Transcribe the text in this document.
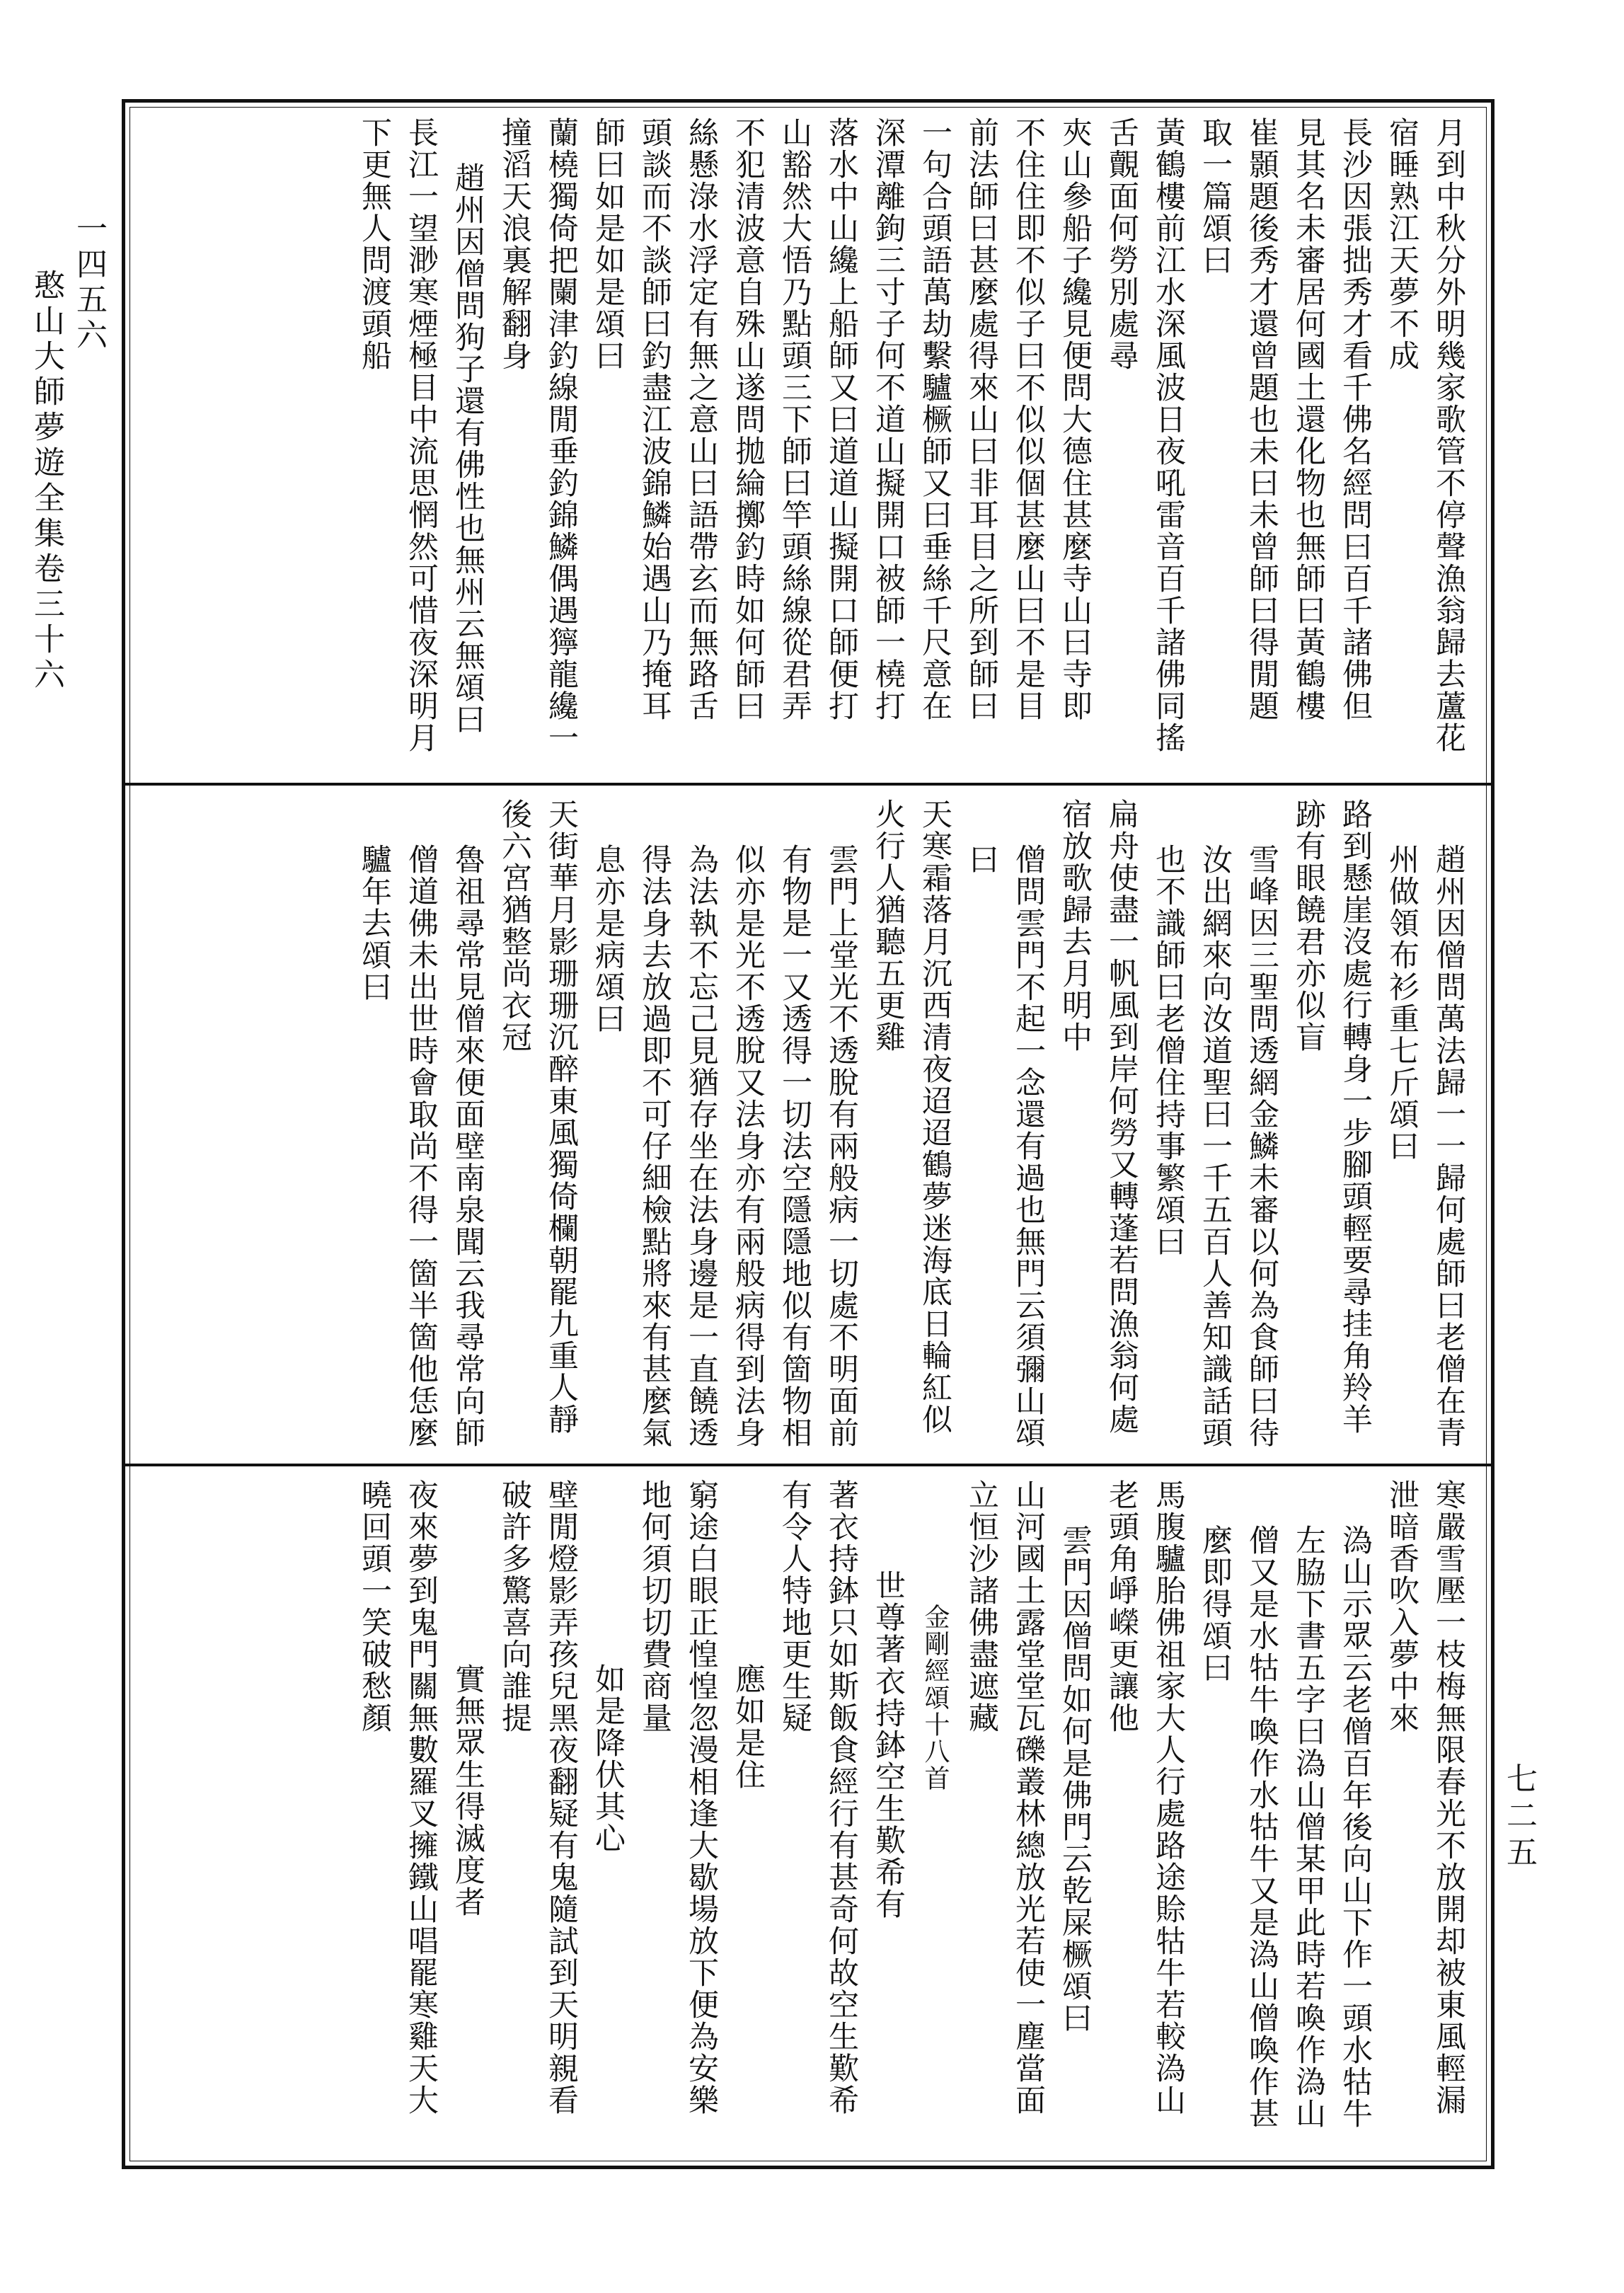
一四五六
憨山大師夢遊全集卷三十六
七二五

月到中秋分外明幾家歌管不停聲漁翁歸去蘆花

宿睡熟江天夢不成

長沙因張拙秀才看千佛名經問曰百千諸佛但

見其名未審居何國土還化物也無師曰黃鶴樓

崔顥題後秀才還曾題也未曰未曾師曰得閒題

取一篇頌曰

黃鶴樓前江水深風波日夜吼雷音百千諸佛同搖

舌覿面何勞別處尋

夾山參船子纔見便問大德住甚麼寺山曰寺即

不住住即不似子曰不似似個甚麼山曰不是目

前法師曰甚麼處得來山曰非耳目之所到師曰

一句合頭語萬劫繫驢橛師又曰垂絲千尺意在

深潭離鉤三寸子何不道山擬開口被師一橈打

落水中山纔上船師又曰道道山擬開口師便打

山豁然大悟乃點頭三下師曰竿頭絲線從君弄

不犯清波意自殊山遂問拋綸擲釣時如何師曰

絲懸淥水浮定有無之意山曰語帶玄而無路舌

頭談而不談師曰釣盡江波錦鱗始遇山乃掩耳

師曰如是如是頌曰

蘭橈獨倚把闌津釣線閒垂釣錦鱗偶遇獰龍纔一

撞滔天浪裏解翻身

趙州因僧問狗子還有佛性也無州云無頌曰

長江一望渺寒煙極目中流思惘然可惜夜深明月

下更無人問渡頭船

趙州因僧問萬法歸一一歸何處師曰老僧在青

州做領布衫重七斤頌曰

路到懸崖沒處行轉身一步腳頭輕要尋挂角羚羊

跡有眼饒君亦似盲

雪峰因三聖問透網金鱗未審以何為食師曰待

汝出網來向汝道聖曰一千五百人善知識話頭

也不識師曰老僧住持事繁頌曰

扁舟使盡一帆風到岸何勞又轉蓬若問漁翁何處

宿放歌歸去月明中

僧問雲門不起一念還有過也無門云須彌山頌

曰

天寒霜落月沉西清夜迢迢鶴夢迷海底日輪紅似

火行人猶聽五更雞

雲門上堂光不透脫有兩般病一切處不明面前

有物是一又透得一切法空隱隱地似有箇物相

似亦是光不透脫又法身亦有兩般病得到法身

為法執不忘己見猶存坐在法身邊是一直饒透

得法身去放過即不可仔細檢點將來有甚麼氣

息亦是病頌曰

天街華月影珊珊沉醉東風獨倚欄朝罷九重人靜

後六宮猶整尚衣冠

魯祖尋常見僧來便面壁南泉聞云我尋常向師

僧道佛未出世時會取尚不得一箇半箇他恁麼

驢年去頌曰

寒嚴雪壓一枝梅無限春光不放開却被東風輕漏

泄暗香吹入夢中來

溈山示眾云老僧百年後向山下作一頭水牯牛

左脇下書五字曰溈山僧某甲此時若喚作溈山

僧又是水牯牛喚作水牯牛又是溈山僧喚作甚

麼即得頌曰

馬腹驢胎佛祖家大人行處路途賒牯牛若較溈山

老頭角崢嶸更讓他

雲門因僧問如何是佛門云乾屎橛頌曰

山河國土露堂堂瓦礫叢林總放光若使一塵當面

立恒沙諸佛盡遮藏

金剛經頌十八首

世尊著衣持鉢空生歎希有

著衣持鉢只如斯飯食經行有甚奇何故空生歎希

有令人特地更生疑

應如是住

窮途白眼正惶惶忽漫相逢大歇場放下便為安樂

地何須切切費商量

如是降伏其心

壁閒燈影弄孩兒黑夜翻疑有鬼隨試到天明親看

破許多驚喜向誰提

實無眾生得滅度者

夜來夢到鬼門關無數羅叉擁鐵山唱罷寒雞天大

曉回頭一笑破愁顏
